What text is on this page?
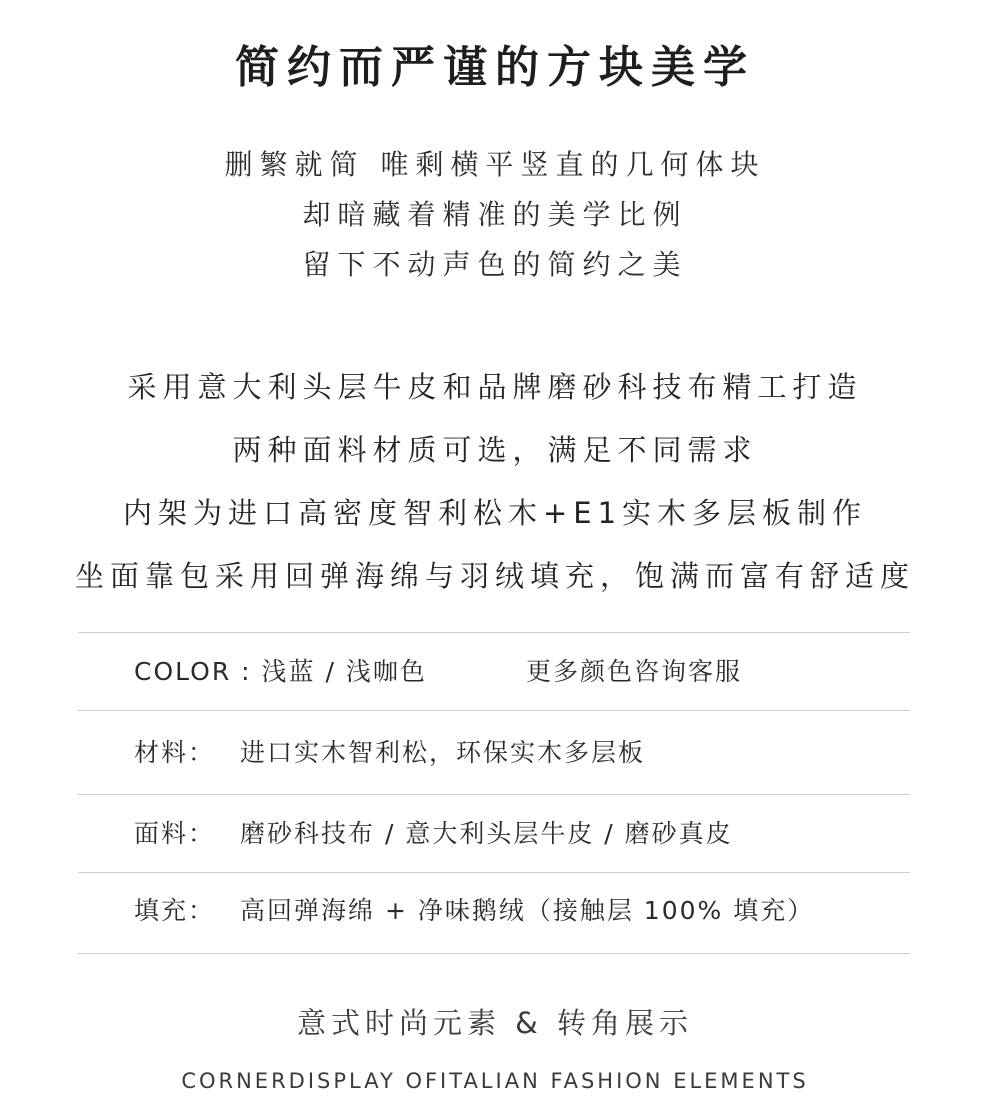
简约而严谨的方块美学
删繁就简 唯剩横平竖直的几何体块
却暗藏着精准的美学比例
留下不动声色的简约之美
采用意大利头层牛皮和品牌磨砂科技布精工打造
两种面料材质可选，满足不同需求
内架为进口高密度智利松木+E1实木多层板制作
坐面靠包采用回弹海绵与羽绒填充，饱满而富有舒适度
COLOR : 浅蓝 / 浅咖色	更多颜色咨询客服
材料： 进口实木智利松，环保实木多层板
面料： 磨砂科技布 / 意大利头层牛皮 / 磨砂真皮
填充： 高回弹海绵 + 净味鹅绒（接触层 100% 填充）
意式时尚元素 & 转角展示
CORNERDISPLAY OFITALIAN FASHION ELEMENTS
